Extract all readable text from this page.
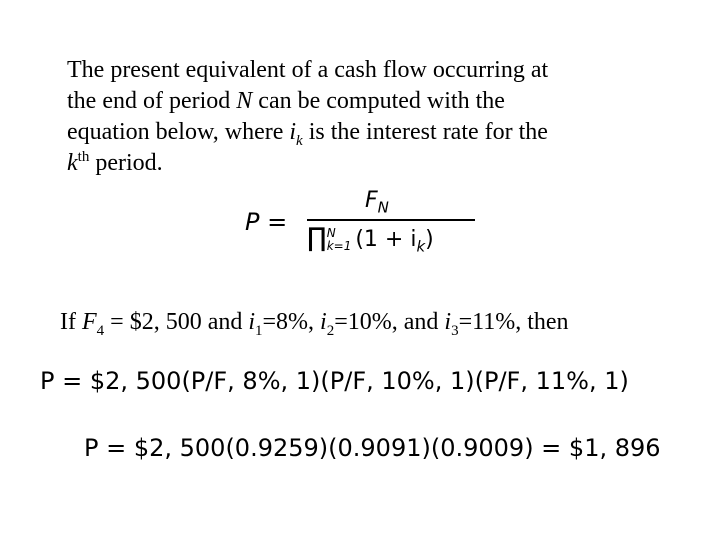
The present equivalent of a cash flow occurring at
the end of period N can be computed with the
equation below, where $i_k$ is the interest rate for the
$k^{th}$ period.
P =
$F_N$
∏N
k=1 $(1 + i_k)$
If $F_4$ = $2, 500 and $i_1=8\%$, $i_2=10\%$, and $i_3=11\%$, then
P = $2, 500(P/F, 8%, 1)(P/F, 10%, 1)(P/F, 11%, 1)
P = $2, 500(0.9259)(0.9091)(0.9009) = $1, 896
